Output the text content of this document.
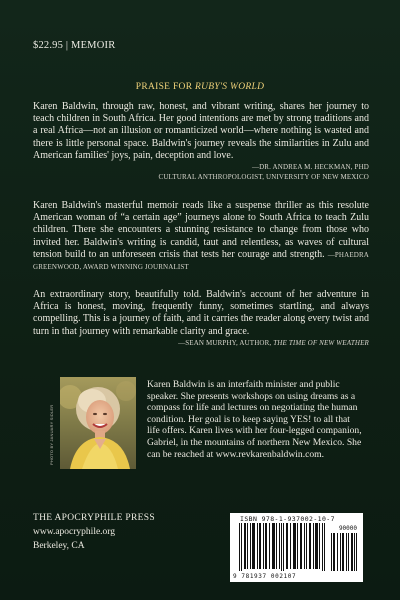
$22.95 | MEMOIR
PRAISE FOR RUBY'S WORLD

Karen Baldwin, through raw, honest, and vibrant writing, shares her journey to teach children in South Africa. Her good intentions are met by strong traditions and a real Africa—not an illusion or romanticized world—where nothing is wasted and there is little personal space. Baldwin's journey reveals the similarities in Zulu and American families' joys, pain, deception and love.

—DR. ANDREA M. HECKMAN, PHD
CULTURAL ANTHROPOLOGIST, UNIVERSITY OF NEW MEXICO

Karen Baldwin's masterful memoir reads like a suspense thriller as this resolute American woman of “a certain age” journeys alone to South Africa to teach Zulu children. There she encounters a stunning resistance to change from those who invited her. Baldwin's writing is candid, taut and relentless, as waves of cultural tension build to an unforeseen crisis that tests her courage and strength. —PHAEDRA GREENWOOD, AWARD WINNING JOURNALIST

An extraordinary story, beautifully told. Baldwin's account of her adventure in Africa is honest, moving, frequently funny, sometimes startling, and always compelling. This is a journey of faith, and it carries the reader along every twist and turn in that journey with remarkable clarity and grace.

—SEAN MURPHY, AUTHOR, THE TIME OF NEW WEATHER
PHOTO BY JANUARY SIDLER
Karen Baldwin is an interfaith minister and public speaker. She presents workshops on using dreams as a compass for life and lectures on negotiating the human condition. Her goal is to keep saying YES! to all that life offers. Karen lives with her four-legged companion, Gabriel, in the mountains of northern New Mexico. She can be reached at www.revkarenbaldwin.com.
THE APOCRYPHILE PRESS
www.apocryphile.org
Berkeley, CA
ISBN 978-1-937002-10-7
90000
9 781937 002107
